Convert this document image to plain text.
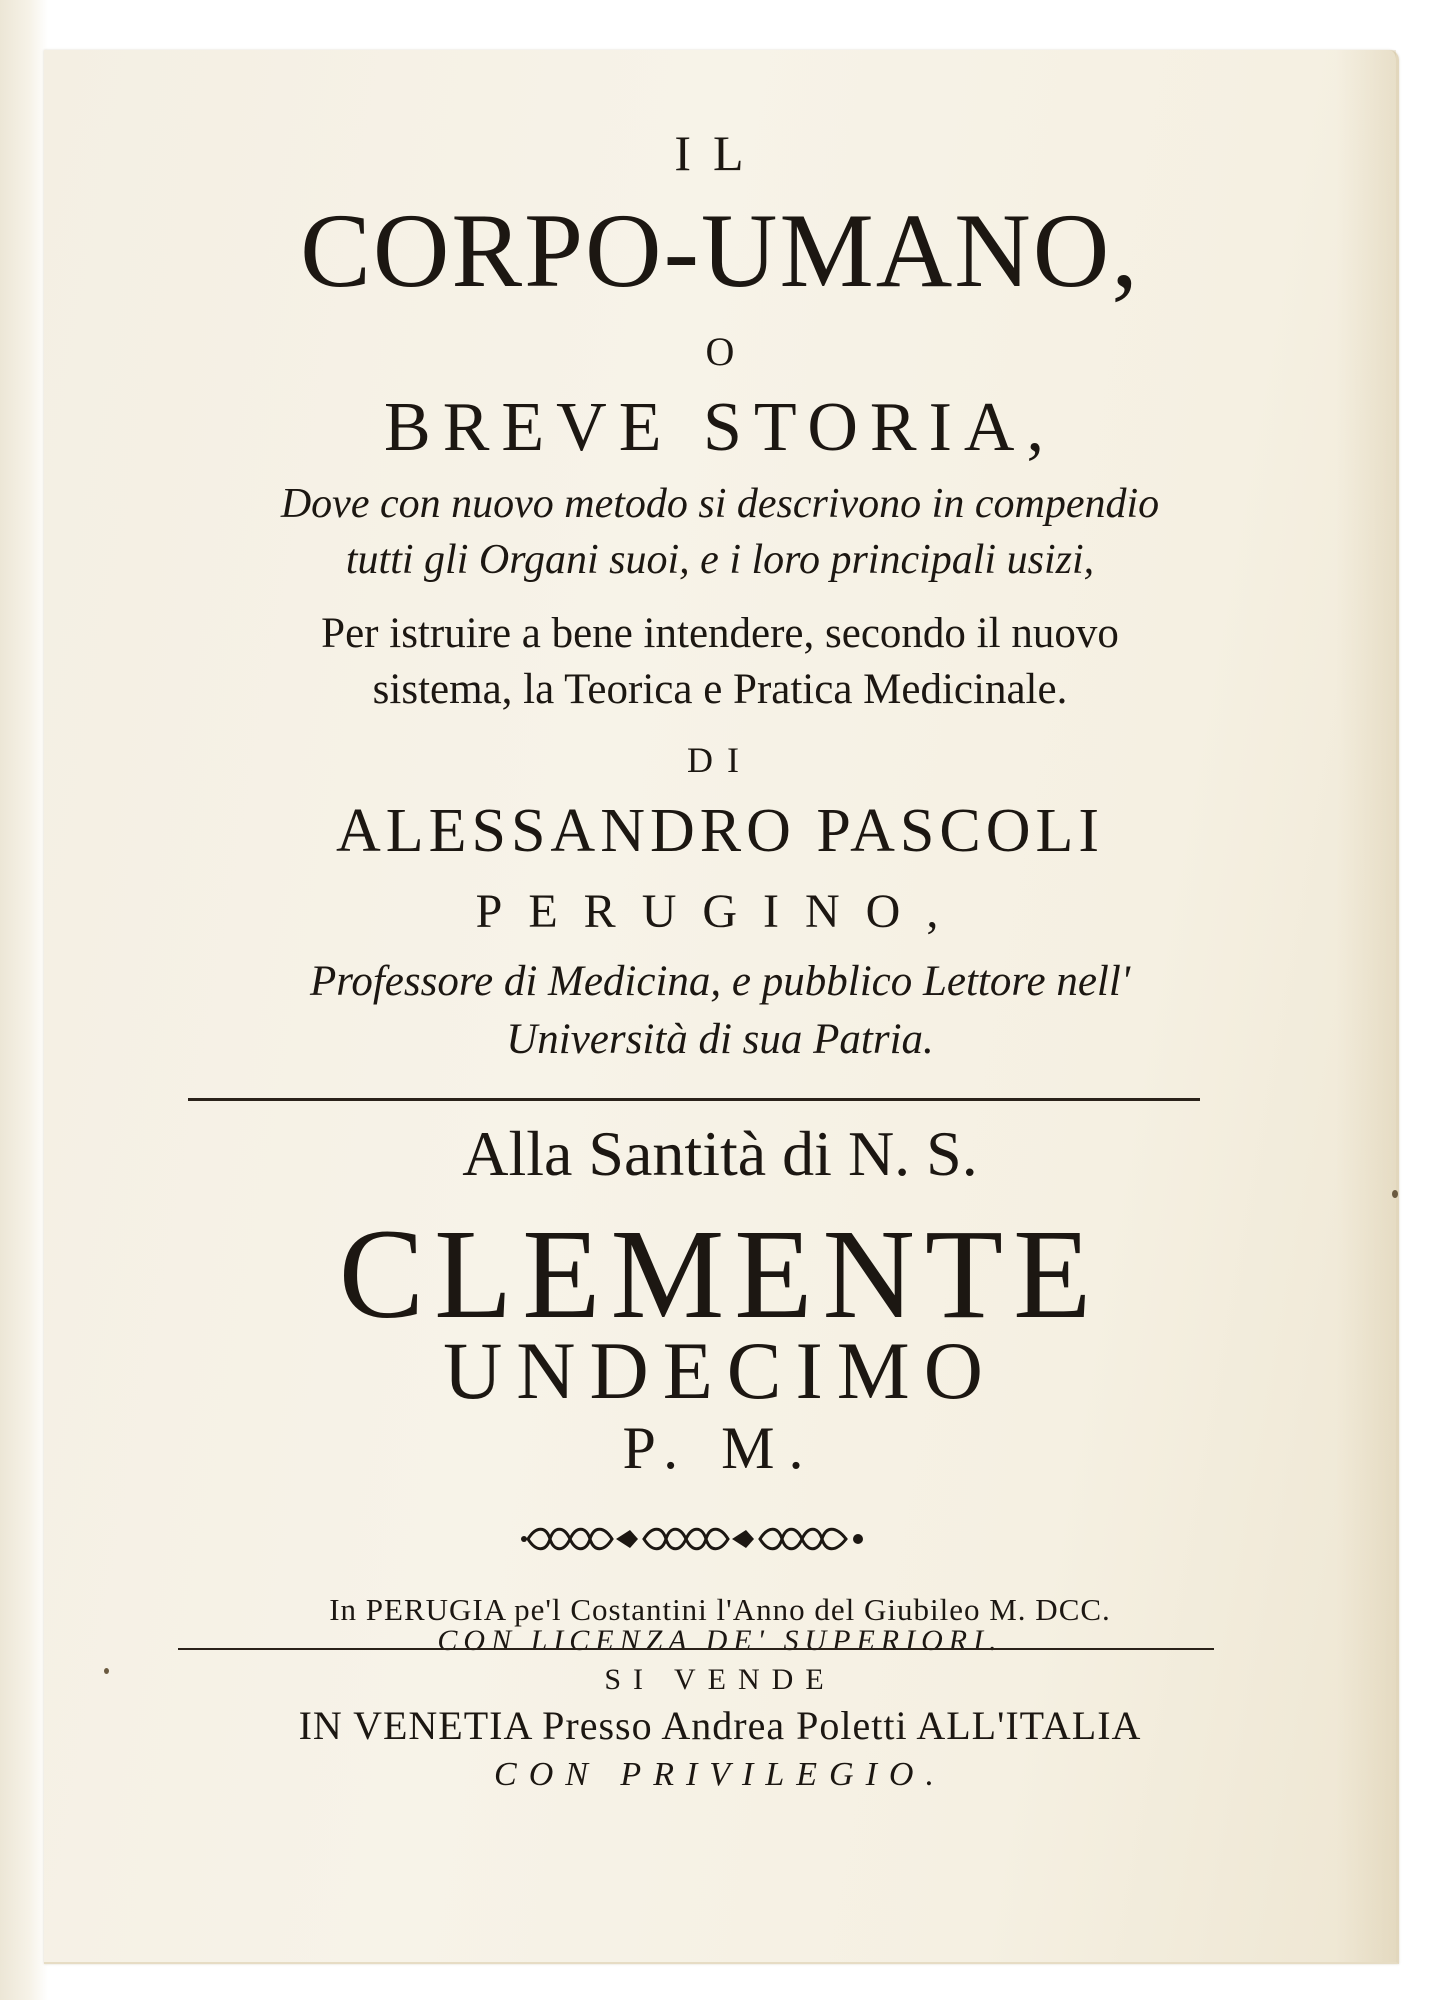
IL
CORPO-UMANO,
O
BREVE STORIA,
Dove con nuovo metodo si descrivono in compendio
tutti gli Organi suoi, e i loro principali usizi,
Per istruire a bene intendere, secondo il nuovo
sistema, la Teorica e Pratica Medicinale.
DI
ALESSANDRO PASCOLI
PERUGINO,
Professore di Medicina, e pubblico Lettore nell'
Università di sua Patria.
Alla Santità di N. S.
CLEMENTE
UNDECIMO
P. M.
In PERUGIA pe'l Costantini l'Anno del Giubileo M. DCC.
CON LICENZA DE' SUPERIORI.
SI VENDE
IN VENETIA Presso Andrea Poletti ALL'ITALIA
CON PRIVILEGIO.
